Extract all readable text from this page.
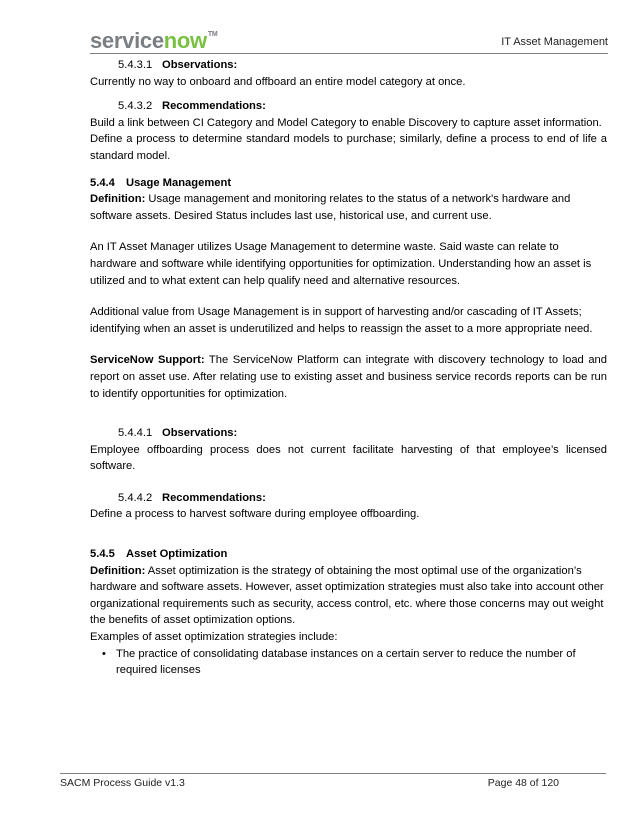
servicenow™
IT Asset Management

5.4.3.1 Observations:

Currently no way to onboard and offboard an entire model category at once.

5.4.3.2 Recommendations:

Build a link between CI Category and Model Category to enable Discovery to capture asset information.

Define a process to determine standard models to purchase; similarly, define a process to end of life a standard model.

5.4.4 Usage Management

Definition: Usage management and monitoring relates to the status of a network's hardware and software assets. Desired Status includes last use, historical use, and current use.

An IT Asset Manager utilizes Usage Management to determine waste. Said waste can relate to hardware and software while identifying opportunities for optimization. Understanding how an asset is utilized and to what extent can help qualify need and alternative resources.

Additional value from Usage Management is in support of harvesting and/or cascading of IT Assets; identifying when an asset is underutilized and helps to reassign the asset to a more appropriate need.

ServiceNow Support: The ServiceNow Platform can integrate with discovery technology to load and report on asset use. After relating use to existing asset and business service records reports can be run to identify opportunities for optimization.

5.4.4.1 Observations:

Employee offboarding process does not current facilitate harvesting of that employee’s licensed software.

5.4.4.2 Recommendations:

Define a process to harvest software during employee offboarding.

5.4.5 Asset Optimization

Definition: Asset optimization is the strategy of obtaining the most optimal use of the organization’s hardware and software assets. However, asset optimization strategies must also take into account other organizational requirements such as security, access control, etc. where those concerns may out weight the benefits of asset optimization options.

Examples of asset optimization strategies include:

• The practice of consolidating database instances on a certain server to reduce the number of required licenses

SACM Process Guide v1.3	Page 48 of 120
